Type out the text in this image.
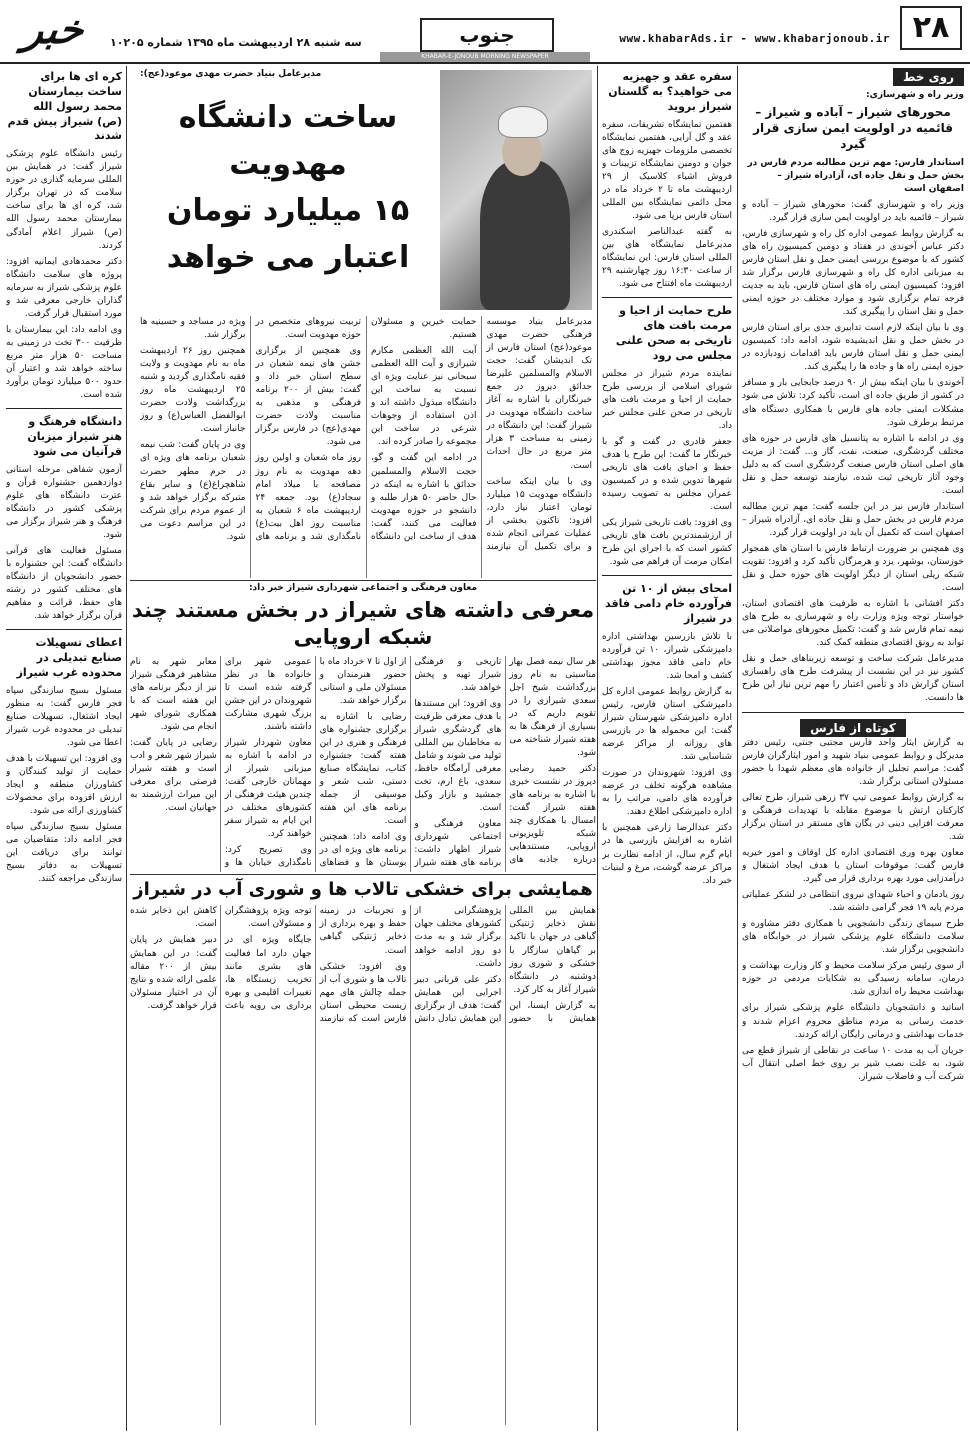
۲۸
www.khabarAds.ir - www.khabarjonoub.ir
جنوب
سه شنبه ۲۸ اردیبهشت ماه ۱۳۹۵ شماره ۱۰۲۰۵
خبر
KHABAR-E-JONOUB MORNING NEWSPAPER
روی خط
وزیر راه و شهرسازی:
محورهای شیراز – آباده و شیراز – قائمیه در اولویت ایمن سازی قرار گیرد
استاندار فارس: مهم ترین مطالبه مردم فارس در بخش حمل و نقل جاده ای، آزادراه شیراز – اصفهان است

وزیر راه و شهرسازی گفت: محورهای شیراز – آباده و شیراز – قائمیه باید در اولویت ایمن سازی قرار گیرد.

به گزارش روابط عمومی اداره کل راه و شهرسازی فارس، دکتر عباس آخوندی در هفتاد و دومین کمیسیون راه های کشور که با موضوع بررسی ایمنی حمل و نقل استان فارس به میزبانی اداره کل راه و شهرسازی فارس برگزار شد افزود: کمیسیون ایمنی راه های استان فارس، باید به جدیت فرجه تمام برگزاری شود و موارد مختلف در حوزه ایمنی حمل و نقل استان را پیگیری کند.

وی با بیان اینکه لازم است تدابیری جدی برای استان فارس در بخش حمل و نقل اندیشیده شود، ادامه داد: کمیسیون ایمنی حمل و نقل استان فارس باید اقدامات زودبازده در حوزه ایمنی راه ها و جاده ها را پیگیری کند.

آخوندی با بیان اینکه بیش از ۹۰ درصد جابجایی بار و مسافر در کشور از طریق جاده ای است، تأکید کرد: تلاش می شود مشکلات ایمنی جاده های فارس با همکاری دستگاه های مرتبط برطرف شود.

وی در ادامه با اشاره به پتانسیل های فارس در حوزه های مختلف گردشگری، صنعت، نفت، گاز و... گفت: از مزیت های اصلی استان فارس صنعت گردشگری است که به دلیل وجود آثار تاریخی ثبت شده، نیازمند توسعه حمل و نقل است.

استاندار فارس نیز در این جلسه گفت: مهم ترین مطالبه مردم فارس در بخش حمل و نقل جاده ای، آزادراه شیراز – اصفهان است که تکمیل آن باید در اولویت قرار گیرد.

وی همچنین بر ضرورت ارتباط فارس با استان های همجوار خوزستان، بوشهر، یزد و هرمزگان تأکید کرد و افزود: تقویت شبکه ریلی استان از دیگر اولویت های حوزه حمل و نقل است.

دکتر افشانی با اشاره به ظرفیت های اقتصادی استان، خواستار توجه ویژه وزارت راه و شهرسازی به طرح های نیمه تمام فارس شد و گفت: تکمیل محورهای مواصلاتی می تواند به رونق اقتصادی منطقه کمک کند.

مدیرعامل شرکت ساخت و توسعه زیربناهای حمل و نقل کشور نیز در این نشست از پیشرفت طرح های راهسازی استان گزارش داد و تأمین اعتبار را مهم ترین نیاز این طرح ها دانست.

کوتاه از فارس

به گزارش ایثار واحد فارس مجتبی جنتی، رئیس دفتر مدیرکل و روابط عمومی بنیاد شهید و امور ایثارگران فارس گفت: مراسم تجلیل از خانواده های معظم شهدا با حضور مسئولان استانی برگزار شد.

به گزارش روابط عمومی تیپ ۳۷ زرهی شیراز، طرح تعالی کارکنان ارتش با موضوع مقابله با تهدیدات فرهنگی و معرفت افزایی دینی در یگان های مستقر در استان برگزار شد.

معاون بهره وری اقتصادی اداره کل اوقاف و امور خیریه فارس گفت: موقوفات استان با هدف ایجاد اشتغال و درآمدزایی مورد بهره برداری قرار می گیرد.

روز یادمان و احیاء شهدای نیروی انتظامی در لشکر عملیاتی مردم پایه ۱۹ فجر گرامی داشته شد.

طرح سیمای زندگی دانشجویی با همکاری دفتر مشاوره و سلامت دانشگاه علوم پزشکی شیراز در خوابگاه های دانشجویی برگزار شد.

از سوی رئیس مرکز سلامت محیط و کار وزارت بهداشت و درمان، سامانه رسیدگی به شکایات مردمی در حوزه بهداشت محیط راه اندازی شد.

اساتید و دانشجویان دانشگاه علوم پزشکی شیراز برای خدمت رسانی به مردم مناطق محروم اعزام شدند و خدمات بهداشتی و درمانی رایگان ارائه کردند.

جریان آب به مدت ۱۰ ساعت در نقاطی از شیراز قطع می شود، به علت نصب شیر بر روی خط اصلی انتقال آب شرکت آب و فاضلاب شیراز.

سفره عقد و جهیزیه می خواهید؟ به گلستان شیراز بروید

هفتمین نمایشگاه تشریفات، سفره عقد و گل آرایی، هفتمین نمایشگاه تخصصی ملزومات جهیزیه زوج های جوان و دومین نمایشگاه تزیینات و فروش اشیاء کلاسیک از ۲۹ اردیبهشت ماه تا ۲ خرداد ماه در محل دائمی نمایشگاه بین المللی استان فارس برپا می شود.

به گفته عبدالناصر اسکندری مدیرعامل نمایشگاه های بین المللی استان فارس: این نمایشگاه از ساعت ۱۶:۳۰ روز چهارشنبه ۲۹ اردیبهشت ماه افتتاح می شود.

طرح حمایت از احیا و مرمت بافت های تاریخی به صحن علنی مجلس می رود

نماینده مردم شیراز در مجلس شورای اسلامی از بررسی طرح حمایت از احیا و مرمت بافت های تاریخی در صحن علنی مجلس خبر داد.

جعفر قادری در گفت و گو با خبرنگار ما گفت: این طرح با هدف حفظ و احیای بافت های تاریخی شهرها تدوین شده و در کمیسیون عمران مجلس به تصویب رسیده است.

وی افزود: بافت تاریخی شیراز یکی از ارزشمندترین بافت های تاریخی کشور است که با اجرای این طرح امکان مرمت آن فراهم می شود.

امحای بیش از ۱۰ تن فرآورده خام دامی فاقد در شیراز

با تلاش بازرسین بهداشتی اداره دامپزشکی شیراز، ۱۰ تن فرآورده خام دامی فاقد مجوز بهداشتی کشف و امحا شد.

به گزارش روابط عمومی اداره کل دامپزشکی استان فارس، رئیس اداره دامپزشکی شهرستان شیراز گفت: این محموله ها در بازرسی های روزانه از مراکز عرضه شناسایی شد.

وی افزود: شهروندان در صورت مشاهده هرگونه تخلف در عرضه فرآورده های دامی، مراتب را به اداره دامپزشکی اطلاع دهند.

دکتر عبدالرضا زارعی همچنین با اشاره به افزایش بازرسی ها در ایام گرم سال، از ادامه نظارت بر مراکز عرضه گوشت، مرغ و لبنیات خبر داد.

مدیرعامل بنیاد حضرت مهدی موعود(عج):
ساخت دانشگاه مهدویت
۱۵ میلیارد تومان
اعتبار می خواهد

مدیرعامل بنیاد موسسه فرهنگی حضرت مهدی موعود(عج) استان فارس از تک اندیشان گفت: حجت الاسلام والمسلمین علیرضا حدائق دیروز در جمع خبرنگاران با اشاره به آغاز ساخت دانشگاه مهدویت در شیراز گفت: این دانشگاه در زمینی به مساحت ۳ هزار متر مربع در حال احداث است.

وی با بیان اینکه ساخت دانشگاه مهدویت ۱۵ میلیارد تومان اعتبار نیاز دارد، افزود: تاکنون بخشی از عملیات عمرانی انجام شده و برای تکمیل آن نیازمند حمایت خیرین و مسئولان هستیم.

آیت الله العظمی مکارم شیرازی و آیت الله العظمی سبحانی نیز عنایت ویژه ای نسبت به ساخت این دانشگاه مبذول داشته اند و اذن استفاده از وجوهات شرعی در ساخت این مجموعه را صادر کرده اند.

در ادامه این گفت و گو، حجت الاسلام والمسلمین حدائق با اشاره به اینکه در حال حاضر ۵۰ هزار طلبه و دانشجو در حوزه مهدویت فعالیت می کنند، گفت: هدف از ساخت این دانشگاه تربیت نیروهای متخصص در حوزه مهدویت است.

وی همچنین از برگزاری جشن های نیمه شعبان در سطح استان خبر داد و گفت: بیش از ۲۰۰ برنامه فرهنگی و مذهبی به مناسبت ولادت حضرت مهدی(عج) در فارس برگزار می شود.

روز ماه شعبان و اولین روز دهه مهدویت به نام روز مصافحه با میلاد امام سجاد(ع) بود. جمعه ۲۴ اردیبهشت ماه ۶ شعبان به مناسبت روز اهل بیت(ع) نامگذاری شد و برنامه های ویژه در مساجد و حسینیه ها برگزار شد.

همچنین روز ۲۶ اردیبهشت ماه به نام مهدویت و ولایت فقیه نامگذاری گردید و شنبه ۲۵ اردیبهشت ماه روز بزرگداشت ولادت حضرت ابوالفضل العباس(ع) و روز جانباز است.

وی در پایان گفت: شب نیمه شعبان برنامه های ویژه ای در حرم مطهر حضرت شاهچراغ(ع) و سایر بقاع متبرکه برگزار خواهد شد و از عموم مردم برای شرکت در این مراسم دعوت می شود.

معاون فرهنگی و اجتماعی شهرداری شیراز خبر داد:
معرفی داشته های شیراز در بخش مستند چند شبکه اروپایی

هر سال نیمه فصل بهار مناسبتی به نام روز بزرگداشت شیخ اجل سعدی شیرازی را در تقویم داریم که در بسیاری از فرهنگ ها به هفته شیراز شناخته می شود.

دکتر حمید رضایی دیروز در نشست خبری با اشاره به برنامه های هفته شیراز گفت: امسال با همکاری چند شبکه تلویزیونی اروپایی، مستندهایی درباره جاذبه های تاریخی و فرهنگی شیراز تهیه و پخش خواهد شد.

وی افزود: این مستندها با هدف معرفی ظرفیت های گردشگری شیراز به مخاطبان بین المللی تولید می شوند و شامل معرفی آرامگاه حافظ، سعدی، باغ ارم، تخت جمشید و بازار وکیل است.

معاون فرهنگی و اجتماعی شهرداری شیراز اظهار داشت: برنامه های هفته شیراز از اول تا ۷ خرداد ماه با حضور هنرمندان و مسئولان ملی و استانی برگزار خواهد شد.

رضایی با اشاره به برگزاری جشنواره های فرهنگی و هنری در این هفته گفت: جشنواره کتاب، نمایشگاه صنایع دستی، شب شعر و موسیقی از جمله برنامه های این هفته است.

وی ادامه داد: همچنین برنامه های ویژه ای در بوستان ها و فضاهای عمومی شهر برای خانواده ها در نظر گرفته شده است تا شهروندان در این جشن بزرگ شهری مشارکت داشته باشند.

معاون شهردار شیراز در ادامه با اشاره به میزبانی شیراز از مهمانان خارجی گفت: چندین هیئت فرهنگی از کشورهای مختلف در این ایام به شیراز سفر خواهند کرد.

وی تصریح کرد: نامگذاری خیابان ها و معابر شهر به نام مشاهیر فرهنگی شیراز نیز از دیگر برنامه های این هفته است که با همکاری شورای شهر انجام می شود.

رضایی در پایان گفت: شیراز شهر شعر و ادب است و هفته شیراز فرصتی برای معرفی این میراث ارزشمند به جهانیان است.

همایشی برای خشکی تالاب ها و شوری آب در شیراز

همایش بین المللی نقش ذخایر ژنتیکی گیاهی در جهان با تاکید بر گیاهان سازگار با خشکی و شوری روز دوشنبه در دانشگاه شیراز آغاز به کار کرد.

به گزارش ایسنا، این همایش با حضور پژوهشگرانی از کشورهای مختلف جهان برگزار شد و به مدت دو روز ادامه خواهد داشت.

دکتر علی قربانی دبیر اجرایی این همایش گفت: هدف از برگزاری این همایش تبادل دانش و تجربیات در زمینه حفظ و بهره برداری از ذخایر ژنتیکی گیاهی است.

وی افزود: خشکی تالاب ها و شوری آب از جمله چالش های مهم زیست محیطی استان فارس است که نیازمند توجه ویژه پژوهشگران و مسئولان است.

جایگاه ویژه ای در جهان دارد اما فعالیت های بشری مانند تخریب زیستگاه ها، تغییرات اقلیمی و بهره برداری بی رویه باعث کاهش این ذخایر شده است.

دبیر همایش در پایان گفت: در این همایش بیش از ۲۰۰ مقاله علمی ارائه شده و نتایج آن در اختیار مسئولان قرار خواهد گرفت.

کره ای ها برای ساخت بیمارستان محمد رسول الله (ص) شیراز پیش قدم شدند

رئیس دانشگاه علوم پزشکی شیراز گفت: در همایش بین المللی سرمایه گذاری در حوزه سلامت که در تهران برگزار شد، کره ای ها برای ساخت بیمارستان محمد رسول الله (ص) شیراز اعلام آمادگی کردند.

دکتر محمدهادی ایمانیه افزود: پروژه های سلامت دانشگاه علوم پزشکی شیراز به سرمایه گذاران خارجی معرفی شد و مورد استقبال قرار گرفت.

وی ادامه داد: این بیمارستان با ظرفیت ۳۰۰ تخت در زمینی به مساحت ۵۰ هزار متر مربع ساخته خواهد شد و اعتبار آن حدود ۵۰۰ میلیارد تومان برآورد شده است.

دانشگاه فرهنگ و هنر شیراز میزبان قرآنیان می شود

آزمون شفاهی مرحله استانی دوازدهمین جشنواره قرآن و عترت دانشگاه های علوم پزشکی کشور در دانشگاه فرهنگ و هنر شیراز برگزار می شود.

مسئول فعالیت های قرآنی دانشگاه گفت: این جشنواره با حضور دانشجویان از دانشگاه های مختلف کشور در رشته های حفظ، قرائت و مفاهیم قرآن برگزار خواهد شد.

اعطای تسهیلات صنایع تبدیلی در محدوده غرب شیراز

مسئول بسیج سازندگی سپاه فجر فارس گفت: به منظور ایجاد اشتغال، تسهیلات صنایع تبدیلی در محدوده غرب شیراز اعطا می شود.

وی افزود: این تسهیلات با هدف حمایت از تولید کنندگان و کشاورزان منطقه و ایجاد ارزش افزوده برای محصولات کشاورزی ارائه می شود.

مسئول بسیج سازندگی سپاه فجر ادامه داد: متقاضیان می توانند برای دریافت این تسهیلات به دفاتر بسیج سازندگی مراجعه کنند.
